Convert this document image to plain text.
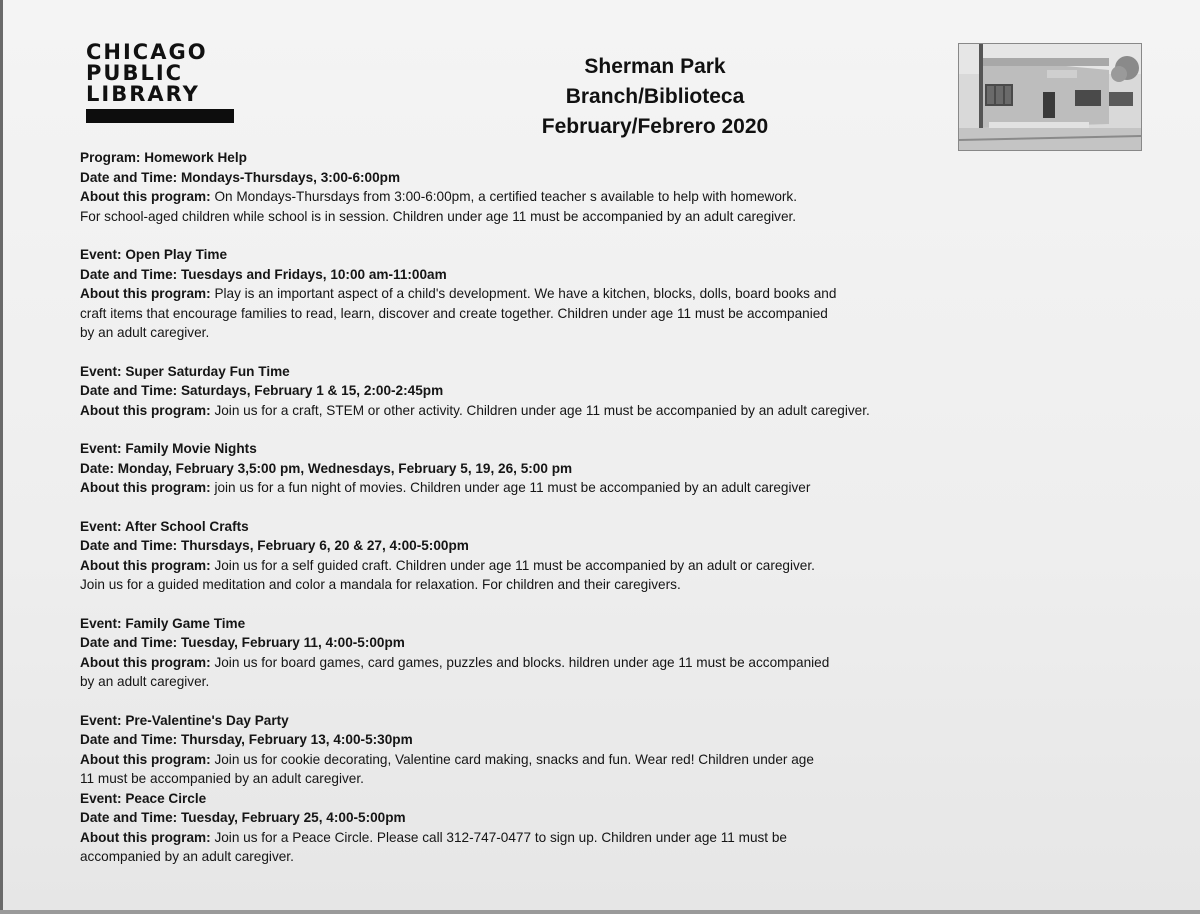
CHICAGO
PUBLIC
LIBRARY
Sherman Park
Branch/Biblioteca
February/Febrero 2020
Program: Homework Help
Date and Time: Mondays-Thursdays, 3:00-6:00pm
About this program: On Mondays-Thursdays from 3:00-6:00pm, a certified teacher s available to help with homework.
For school-aged children while school is in session. Children under age 11 must be accompanied by an adult caregiver.
Event: Open Play Time
Date and Time: Tuesdays and Fridays, 10:00 am-11:00am
About this program: Play is an important aspect of a child's development. We have a kitchen, blocks, dolls, board books and
craft items that encourage families to read, learn, discover and create together. Children under age 11 must be accompanied
by an adult caregiver.
Event: Super Saturday Fun Time
Date and Time: Saturdays, February 1 & 15, 2:00-2:45pm
About this program: Join us for a craft, STEM or other activity. Children under age 11 must be accompanied by an adult caregiver.
Event: Family Movie Nights
Date: Monday, February 3,5:00 pm, Wednesdays, February 5, 19, 26, 5:00 pm
About this program: join us for a fun night of movies. Children under age 11 must be accompanied by an adult caregiver
Event: After School Crafts
Date and Time: Thursdays, February 6, 20 & 27, 4:00-5:00pm
About this program: Join us for a self guided craft. Children under age 11 must be accompanied by an adult or caregiver.
Join us for a guided meditation and color a mandala for relaxation. For children and their caregivers.
Event: Family Game Time
Date and Time: Tuesday, February 11, 4:00-5:00pm
About this program: Join us for board games, card games, puzzles and blocks. hildren under age 11 must be accompanied
by an adult caregiver.
Event: Pre-Valentine's Day Party
Date and Time: Thursday, February 13, 4:00-5:30pm
About this program: Join us for cookie decorating, Valentine card making, snacks and fun. Wear red! Children under age
11 must be accompanied by an adult caregiver.
Event: Peace Circle
Date and Time: Tuesday, February 25, 4:00-5:00pm
About this program: Join us for a Peace Circle. Please call 312-747-0477 to sign up. Children under age 11 must be
accompanied by an adult caregiver.
